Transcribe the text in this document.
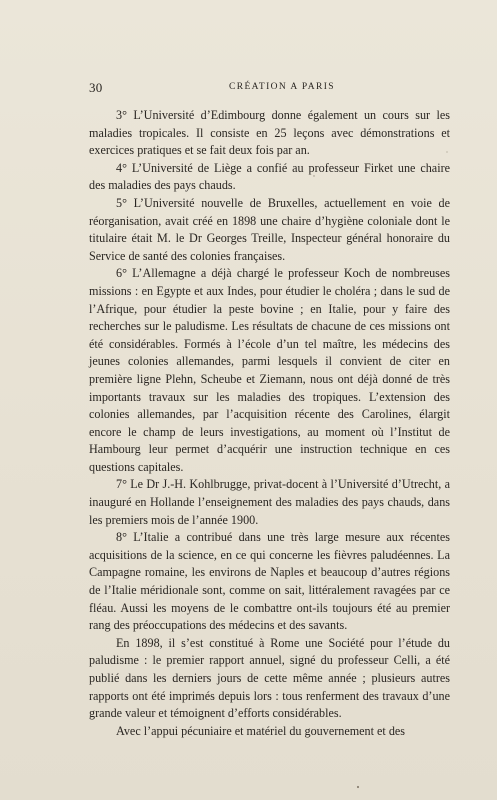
30	CRÉATION A PARIS

3° L’Université d’Edimbourg donne également un cours sur les maladies tropicales. Il consiste en 25 leçons avec démonstrations et exercices pratiques et se fait deux fois par an.

4° L’Université de Liège a confié au professeur Firket une chaire des maladies des pays chauds.

5° L’Université nouvelle de Bruxelles, actuellement en voie de réorganisation, avait créé en 1898 une chaire d’hygiène coloniale dont le titulaire était M. le Dr Georges Treille, Inspecteur général honoraire du Service de santé des colonies françaises.

6° L’Allemagne a déjà chargé le professeur Koch de nombreuses missions : en Egypte et aux Indes, pour étudier le choléra ; dans le sud de l’Afrique, pour étudier la peste bovine ; en Italie, pour y faire des recherches sur le paludisme. Les résultats de chacune de ces missions ont été considérables. Formés à l’école d’un tel maître, les médecins des jeunes colonies allemandes, parmi lesquels il convient de citer en première ligne Plehn, Scheube et Ziemann, nous ont déjà donné de très importants travaux sur les maladies des tropiques. L’extension des colonies allemandes, par l’acquisition récente des Carolines, élargit encore le champ de leurs investigations, au moment où l’Institut de Hambourg leur permet d’acquérir une instruction technique en ces questions capitales.

7° Le Dr J.-H. Kohlbrugge, privat-docent à l’Université d’Utrecht, a inauguré en Hollande l’enseignement des maladies des pays chauds, dans les premiers mois de l’année 1900.

8° L’Italie a contribué dans une très large mesure aux récentes acquisitions de la science, en ce qui concerne les fièvres paludéennes. La Campagne romaine, les environs de Naples et beaucoup d’autres régions de l’Italie méridionale sont, comme on sait, littéralement ravagées par ce fléau. Aussi les moyens de le combattre ont-ils toujours été au premier rang des préoccupations des médecins et des savants.

En 1898, il s’est constitué à Rome une Société pour l’étude du paludisme : le premier rapport annuel, signé du professeur Celli, a été publié dans les derniers jours de cette même année ; plusieurs autres rapports ont été imprimés depuis lors : tous renferment des travaux d’une grande valeur et témoignent d’efforts considérables.

Avec l’appui pécuniaire et matériel du gouvernement et des
